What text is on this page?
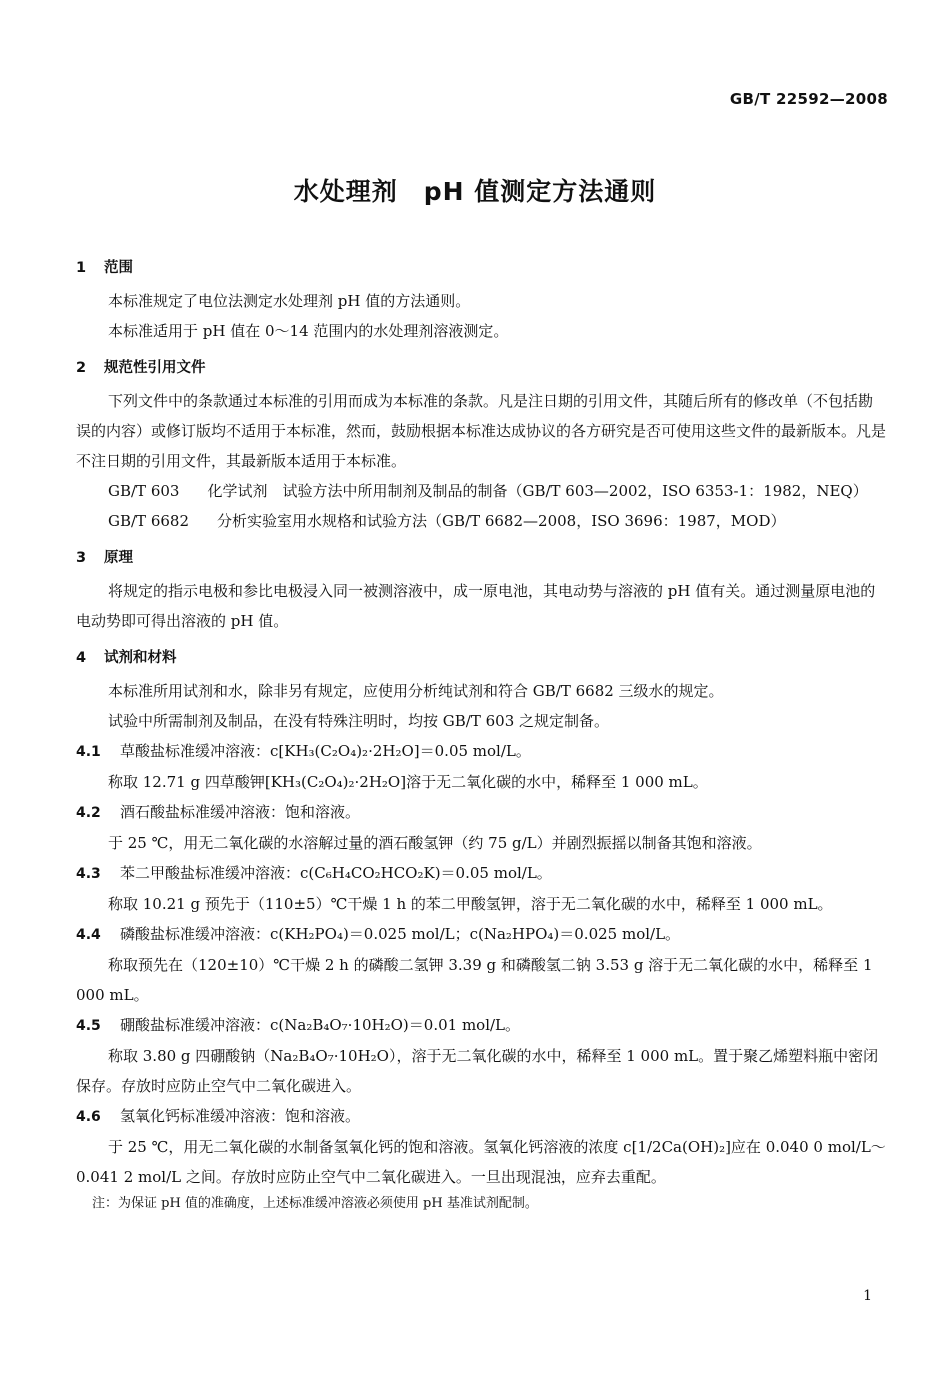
GB/T 22592—2008
水处理剂 pH 值测定方法通则
1 范围

本标准规定了电位法测定水处理剂 pH 值的方法通则。

本标准适用于 pH 值在 0～14 范围内的水处理剂溶液测定。

2 规范性引用文件

下列文件中的条款通过本标准的引用而成为本标准的条款。凡是注日期的引用文件，其随后所有的修改单（不包括勘误的内容）或修订版均不适用于本标准，然而，鼓励根据本标准达成协议的各方研究是否可使用这些文件的最新版本。凡是不注日期的引用文件，其最新版本适用于本标准。

GB/T 603 化学试剂　试验方法中所用制剂及制品的制备（GB/T 603—2002，ISO 6353-1：1982，NEQ）

GB/T 6682 分析实验室用水规格和试验方法（GB/T 6682—2008，ISO 3696：1987，MOD）

3 原理

将规定的指示电极和参比电极浸入同一被测溶液中，成一原电池，其电动势与溶液的 pH 值有关。通过测量原电池的电动势即可得出溶液的 pH 值。

4 试剂和材料

本标准所用试剂和水，除非另有规定，应使用分析纯试剂和符合 GB/T 6682 三级水的规定。

试验中所需制剂及制品，在没有特殊注明时，均按 GB/T 603 之规定制备。

4.1 草酸盐标准缓冲溶液：c[KH₃(C₂O₄)₂·2H₂O]＝0.05 mol/L。

称取 12.71 g 四草酸钾[KH₃(C₂O₄)₂·2H₂O]溶于无二氧化碳的水中，稀释至 1 000 mL。

4.2 酒石酸盐标准缓冲溶液：饱和溶液。

于 25 ℃，用无二氧化碳的水溶解过量的酒石酸氢钾（约 75 g/L）并剧烈振摇以制备其饱和溶液。

4.3 苯二甲酸盐标准缓冲溶液：c(C₆H₄CO₂HCO₂K)＝0.05 mol/L。

称取 10.21 g 预先于（110±5）℃干燥 1 h 的苯二甲酸氢钾，溶于无二氧化碳的水中，稀释至 1 000 mL。

4.4 磷酸盐标准缓冲溶液：c(KH₂PO₄)＝0.025 mol/L；c(Na₂HPO₄)＝0.025 mol/L。

称取预先在（120±10）℃干燥 2 h 的磷酸二氢钾 3.39 g 和磷酸氢二钠 3.53 g 溶于无二氧化碳的水中，稀释至 1 000 mL。

4.5 硼酸盐标准缓冲溶液：c(Na₂B₄O₇·10H₂O)＝0.01 mol/L。

称取 3.80 g 四硼酸钠（Na₂B₄O₇·10H₂O），溶于无二氧化碳的水中，稀释至 1 000 mL。置于聚乙烯塑料瓶中密闭保存。存放时应防止空气中二氧化碳进入。

4.6 氢氧化钙标准缓冲溶液：饱和溶液。

于 25 ℃，用无二氧化碳的水制备氢氧化钙的饱和溶液。氢氧化钙溶液的浓度 c[1/2Ca(OH)₂]应在 0.040 0 mol/L～0.041 2 mol/L 之间。存放时应防止空气中二氧化碳进入。一旦出现混浊，应弃去重配。

注：为保证 pH 值的准确度，上述标准缓冲溶液必须使用 pH 基准试剂配制。

1
